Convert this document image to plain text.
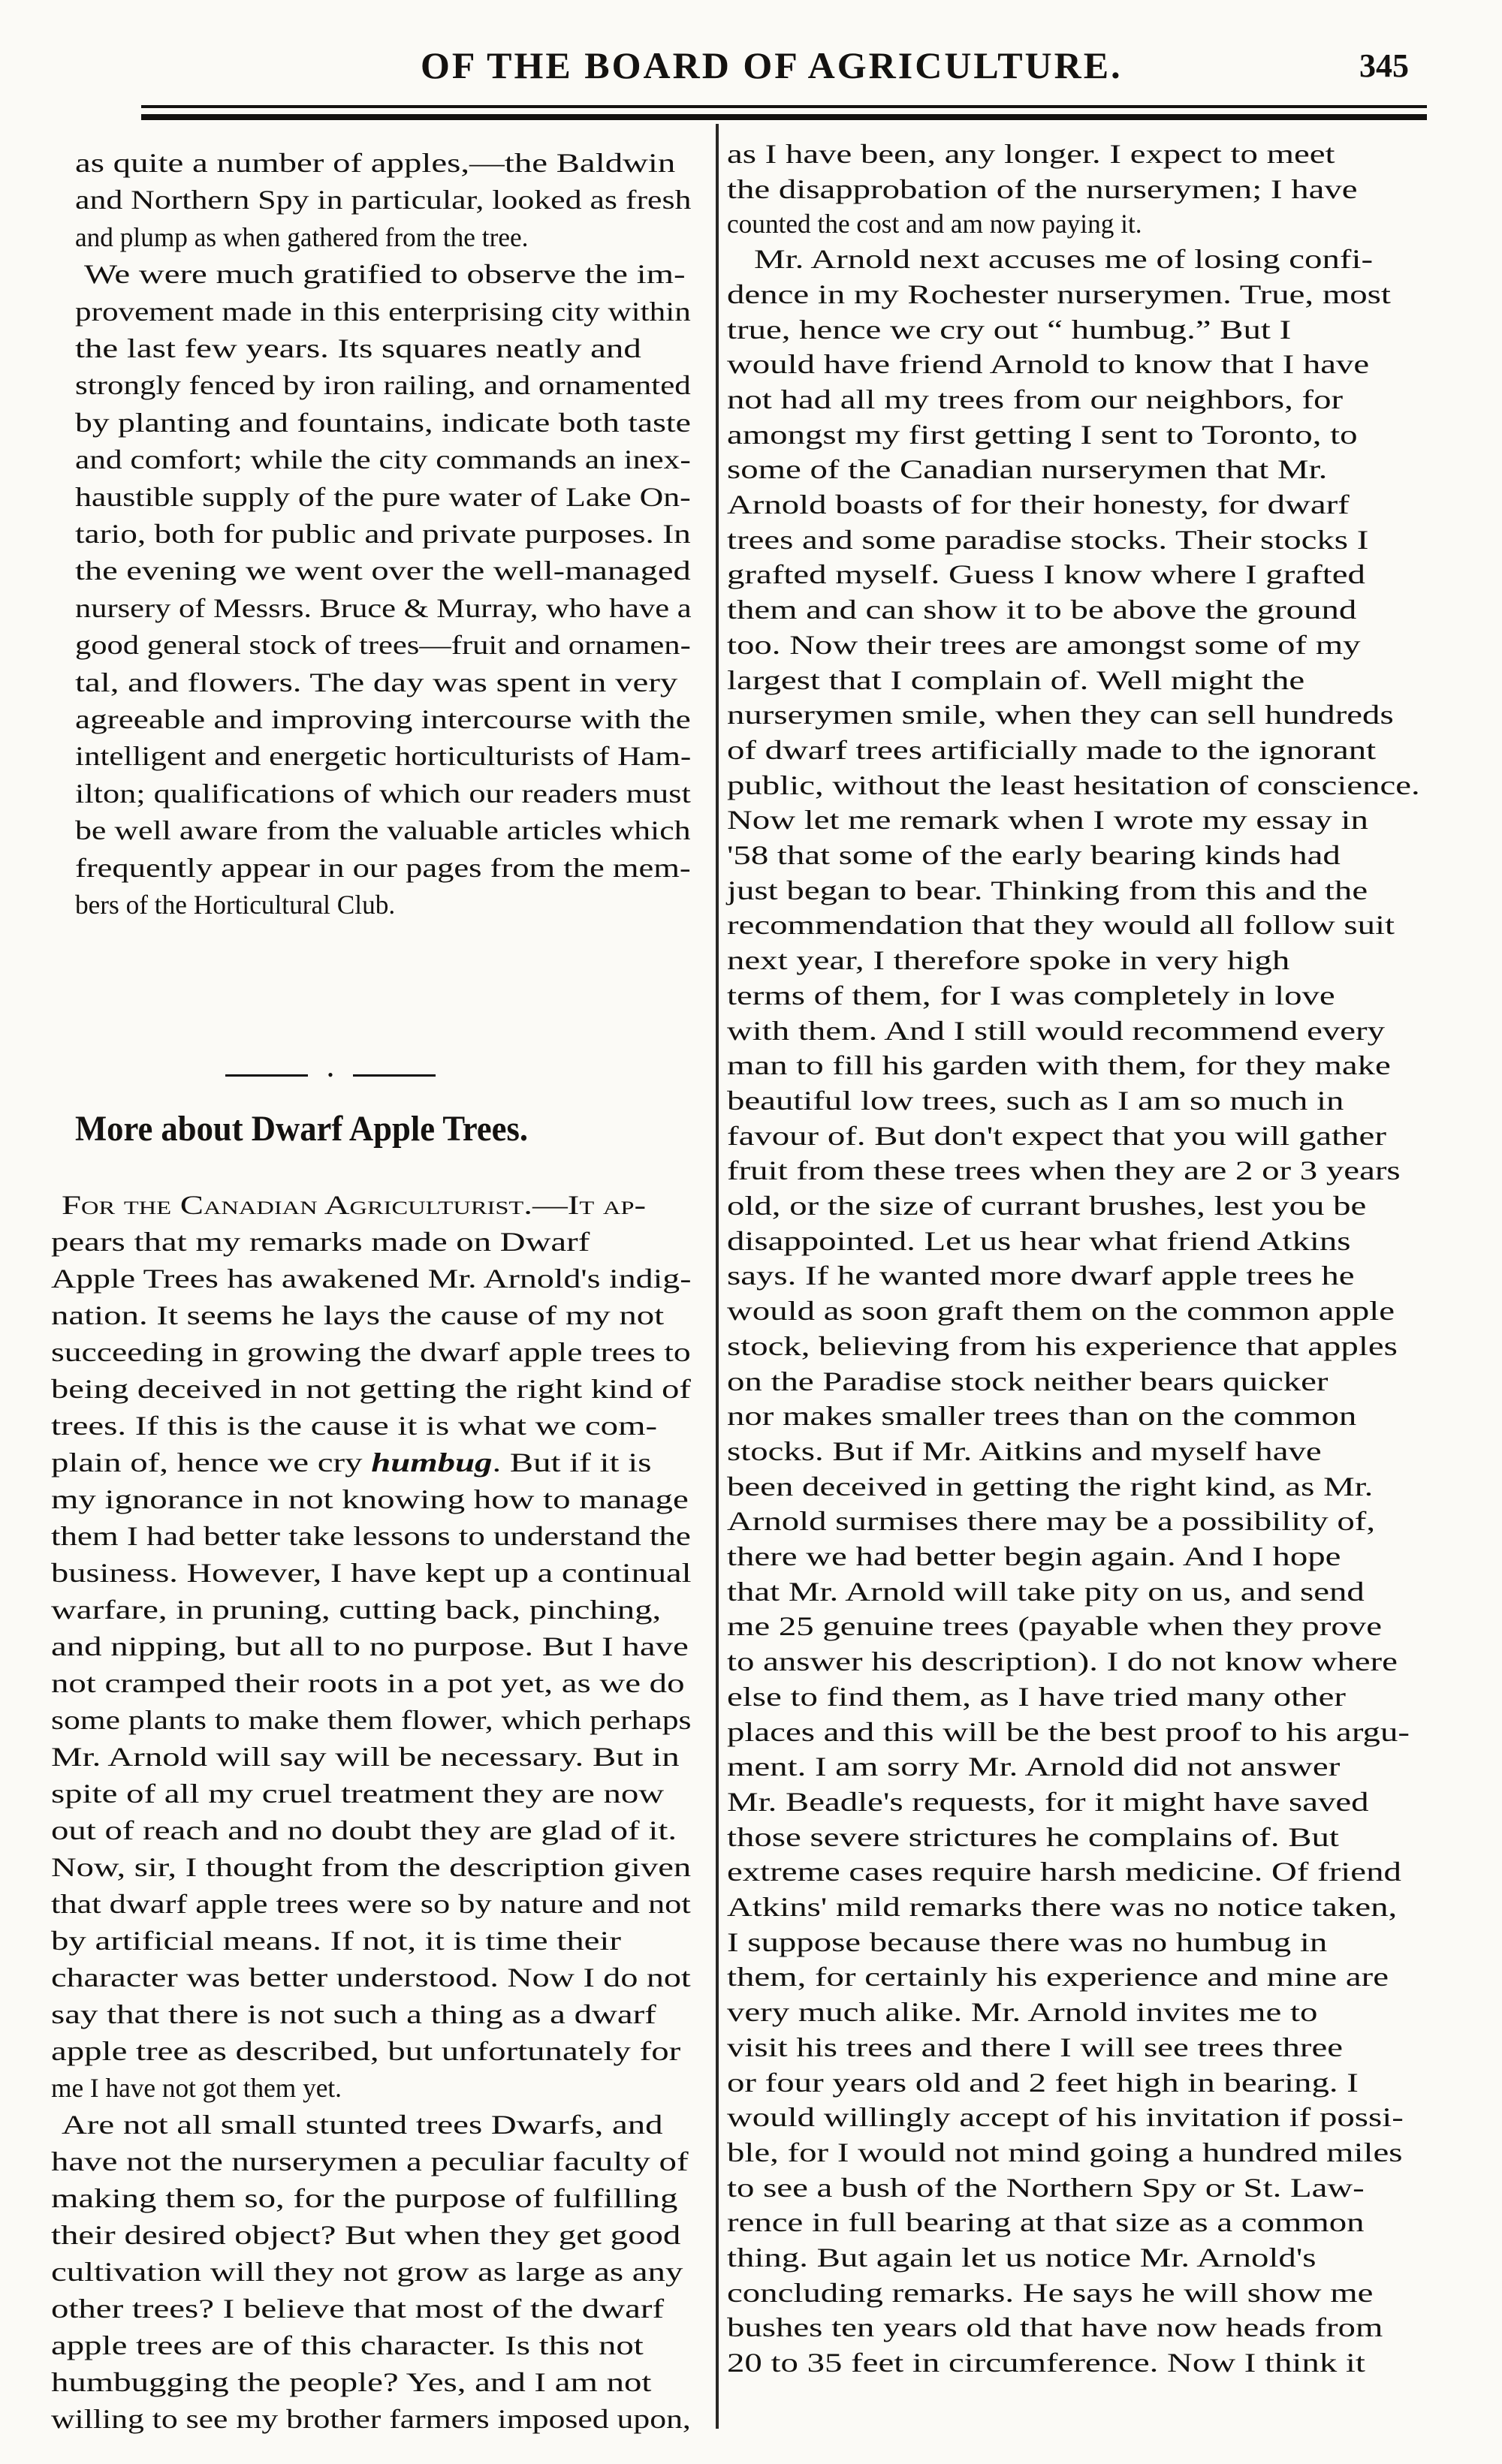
OF THE BOARD OF AGRICULTURE.	345
as quite a number of apples,—the Baldwin
and Northern Spy in particular, looked as fresh
and plump as when gathered from the tree.
We were much gratified to observe the im-
provement made in this enterprising city within
the last few years. Its squares neatly and
strongly fenced by iron railing, and ornamented
by planting and fountains, indicate both taste
and comfort; while the city commands an inex-
haustible supply of the pure water of Lake On-
tario, both for public and private purposes. In
the evening we went over the well-managed
nursery of Messrs. Bruce & Murray, who have a
good general stock of trees—fruit and ornamen-
tal, and flowers. The day was spent in very
agreeable and improving intercourse with the
intelligent and energetic horticulturists of Ham-
ilton; qualifications of which our readers must
be well aware from the valuable articles which
frequently appear in our pages from the mem-
bers of the Horticultural Club.
•
More about Dwarf Apple Trees.
For the Canadian Agriculturist.—It ap-
pears that my remarks made on Dwarf
Apple Trees has awakened Mr. Arnold's indig-
nation. It seems he lays the cause of my not
succeeding in growing the dwarf apple trees to
being deceived in not getting the right kind of
trees. If this is the cause it is what we com-
plain of, hence we cry humbug. But if it is
my ignorance in not knowing how to manage
them I had better take lessons to understand the
business. However, I have kept up a continual
warfare, in pruning, cutting back, pinching,
and nipping, but all to no purpose. But I have
not cramped their roots in a pot yet, as we do
some plants to make them flower, which perhaps
Mr. Arnold will say will be necessary. But in
spite of all my cruel treatment they are now
out of reach and no doubt they are glad of it.
Now, sir, I thought from the description given
that dwarf apple trees were so by nature and not
by artificial means. If not, it is time their
character was better understood. Now I do not
say that there is not such a thing as a dwarf
apple tree as described, but unfortunately for
me I have not got them yet.
Are not all small stunted trees Dwarfs, and
have not the nurserymen a peculiar faculty of
making them so, for the purpose of fulfilling
their desired object? But when they get good
cultivation will they not grow as large as any
other trees? I believe that most of the dwarf
apple trees are of this character. Is this not
humbugging the people? Yes, and I am not
willing to see my brother farmers imposed upon,
as I have been, any longer. I expect to meet
the disapprobation of the nurserymen; I have
counted the cost and am now paying it.
Mr. Arnold next accuses me of losing confi-
dence in my Rochester nurserymen. True, most
true, hence we cry out “ humbug.” But I
would have friend Arnold to know that I have
not had all my trees from our neighbors, for
amongst my first getting I sent to Toronto, to
some of the Canadian nurserymen that Mr.
Arnold boasts of for their honesty, for dwarf
trees and some paradise stocks. Their stocks I
grafted myself. Guess I know where I grafted
them and can show it to be above the ground
too. Now their trees are amongst some of my
largest that I complain of. Well might the
nurserymen smile, when they can sell hundreds
of dwarf trees artificially made to the ignorant
public, without the least hesitation of conscience.
Now let me remark when I wrote my essay in
'58 that some of the early bearing kinds had
just began to bear. Thinking from this and the
recommendation that they would all follow suit
next year, I therefore spoke in very high
terms of them, for I was completely in love
with them. And I still would recommend every
man to fill his garden with them, for they make
beautiful low trees, such as I am so much in
favour of. But don't expect that you will gather
fruit from these trees when they are 2 or 3 years
old, or the size of currant brushes, lest you be
disappointed. Let us hear what friend Atkins
says. If he wanted more dwarf apple trees he
would as soon graft them on the common apple
stock, believing from his experience that apples
on the Paradise stock neither bears quicker
nor makes smaller trees than on the common
stocks. But if Mr. Aitkins and myself have
been deceived in getting the right kind, as Mr.
Arnold surmises there may be a possibility of,
there we had better begin again. And I hope
that Mr. Arnold will take pity on us, and send
me 25 genuine trees (payable when they prove
to answer his description). I do not know where
else to find them, as I have tried many other
places and this will be the best proof to his argu-
ment. I am sorry Mr. Arnold did not answer
Mr. Beadle's requests, for it might have saved
those severe strictures he complains of. But
extreme cases require harsh medicine. Of friend
Atkins' mild remarks there was no notice taken,
I suppose because there was no humbug in
them, for certainly his experience and mine are
very much alike. Mr. Arnold invites me to
visit his trees and there I will see trees three
or four years old and 2 feet high in bearing. I
would willingly accept of his invitation if possi-
ble, for I would not mind going a hundred miles
to see a bush of the Northern Spy or St. Law-
rence in full bearing at that size as a common
thing. But again let us notice Mr. Arnold's
concluding remarks. He says he will show me
bushes ten years old that have now heads from
20 to 35 feet in circumference. Now I think it
